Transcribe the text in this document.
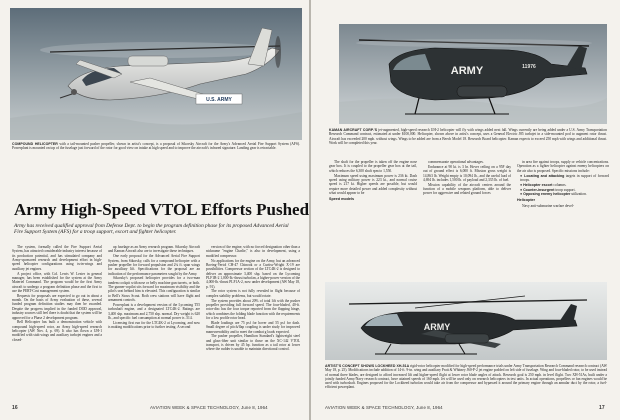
U.S. ARMY
COMPOUND HELICOPTER with a tail-mounted pusher propeller, shown in artist's concept, is a proposal of Sikorsky Aircraft for the Army's Advanced Aerial Fire Support System (AFS). Powerplant is mounted on top of the fuselage just forward of the rotor for good view on intake at high speed and to improve the aircraft's infrared signature. Landing gear is retractable.
Army High-Speed VTOL Efforts Pushed

Army has received qualified approval from Defense Dept. to begin the program definition phase for its proposed Advanced Aerial Fire Support System (AFS) for a troop support, escort and fighter helicopter.

The system, formally called the Fire Support Aerial System, has attracted considerable industry interest because of its production potential, and has stimulated company and Army-sponsored research and development effort in high-speed helicopter configurations using twin-wings and auxiliary jet engines.

A project office, with Col. Lewis W. Lester in general manager, has been established for the system at the Army Materiel Command. The program would be the first Army aircraft to undergo a program definition phase and the first to use the PERT-Cost management system.

Requests for proposals are expected to go out in about a month. On the basis of Army evaluation of these, several funded program definition studies may then be awarded. Despite the progress implied in the funded DOD approval, industry sources still feel there is doubt that the system will be approved for a Phase 2 development program.

Bell Helicopter has built a demonstration vehicle with compound high-speed rotor, an Army high-speed research helicopter (AW Nov. 4, p. 69). It also has flown a UH-1 modified with stub wings and auxiliary turbojet engines and a closed-

up fuselage as an Army research program. Sikorsky Aircraft and Kaman Aircraft also are to investigate these techniques.

One early proposal for the Advanced Aerial Fire Support System, from Sikorsky, calls for a compound helicopter with a pusher propeller for forward propulsion and 2¼ ft. span wings for auxiliary lift. Specifications for the proposal are an indication of the performance parameters sought by the Army.

Sikorsky's proposed helicopter provides for a two-man tandem cockpit with nose or belly machine gun turrets, or both. The gunner-copilot sits forward for maximum visibility and the pilot's seat behind him is elevated. This configuration is similar to Bell's Sioux Scout. Both crew stations will have flight and armament controls.

Powerplant is a development version of the Lycoming T55 turboshaft engine, and a designated LTC4K-2. Ratings are 3,400 shp. maximum and 2,750 shp. normal. Dry weight is 620 lb., and specific fuel consumption at normal power is .514.

Licensing first run for the LTC4K-2 at Lycoming, and now is making modifications prior to further testing. A second

version of the engine, with no forced designation other than a nickname "engine Charlie," is also in development, using a modified compressor.

No applications for the engine on the Army, but an advanced Boeing-Vertol CH-47 Chinook or a Curtiss-Wright X-19 are possibilities. Compressor section of the LTC4K-2 is designed to deliver an approximate 3,400 shp. based on the Lycoming PLF1B-2 1,000-lb.-thrust turbofan, a higher-power version of the 4,000-lb.-thrust PLF1A-2, now under development (AW May 18, p. 91).

The rotor system is not fully revealed in flight because of complex stability problems, but would rotate.

The system provides about 20% of total lift with the pusher propeller providing full forward speed. The four-bladed, 40-ft. rotor-disc has the four torque reported from the flapping hinge, which combines the folding blade function with the requirements for a low profile rotor head.

Blade loadings are 75 psf for hover and 55 psf for dash. Small degree of pitch/flap coupling is under study for improved maneuverability and to meet the combat g loads expected.

The pusher propeller, Hamilton Standard's lightweight steel and glass-fiber unit similar to those on the XC-142 VTOL transport, is driven by 45 hp. function as a tail rotor at lower where the rudder is unable to maintain directional control.

16	AVIATION WEEK & SPACE TECHNOLOGY, June 8, 1964
ARMY	11976
KAMAN AIRCRAFT CORP.'S jet-augmented, high-speed research UH-2 helicopter will fly with wings added next fall. Wings currently are being added under a U.S. Army Transportation Research Command contract, estimated at under $100,000. Helicopter, shown above in artist's concept, uses a General Electric J85 turbojet in a side-mounted pod to augment rotor thrust. Aircraft has exceeded 200 mph. without wings. Wings to be added are from a Beech Model 18. Research Board helicopter. Kaman expects to exceed 250 mph with wings and additional thrust. Work will be completed this year.

The shaft for the propeller is taken off the engine nose gear box. It is coupled to the propeller gear box at the tail, which reduces the 6,300 shaft rpm to 1,550.

Maximum speed using maximum power is 236 kt. Dash speed using military power is 223 kt., and normal cruise speed is 217 kt. Higher speeds are possible, but would require more detailed power and added complexity without what would appear to be

Speed models

commensurate operational advantages.

Endurance at 90 kt. is 3 hr. Hover ceiling on a 95F day out of ground effect is 6,000 ft. Mission gross weight is 14,863 lb. Weight empty is 10,094 lb., and the useful load of 4,694 lb. includes 1,500 lb. of payload and 2,335 lb. of fuel.

Mission capability of the aircraft centers around the function of a mobile weapons platform, able to deliver power for aggressive and related ground forces

in area fire against troops, supply or vehicle concentrations. Operation as a fighter helicopter against enemy helicopters on the air also is proposed. Specific missions include:

● Locating and attacking targets in support of forward troops.

● Helicopter escort columns.

● Counter-insurgent troop support.

● Opposing enemy helicopter utilization.

Helicopter

Navy anti-submarine warfare devel-

ARMY
ARTIST'S CONCEPT SHOWS LOCKHEED XH-51A rigid-rotor helicopter modified for high-speed performance trials under Army Transportation Research Command research contract (AW May 18, p. 25). Modifications include addition of 14-ft. 9-in. wing and auxiliary Pratt & Whitney J60-P-2 jet engine podded on left side of fuselage. Wing and four-bladed rotor, to be used instead of normal three blades, are designed to afford increased lift and higher-speed flight at lower rotor blade angles of attack. Research goal is 250 mph. in level flight. Two XH-51As, built under a jointly funded Army/Navy research contract, have attained speeds of 160 mph. Jet will be used only on research helicopters in test units. In actual operations, propellers or fan engines would be used with turboshaft. Engines proposed for the Lockheed turbofan would take air from the compressor and bypassed it around the primary engine through an annular duct by the rotor, a fuel-efficient powerplant.
AVIATION WEEK & SPACE TECHNOLOGY, June 8, 1964	17
